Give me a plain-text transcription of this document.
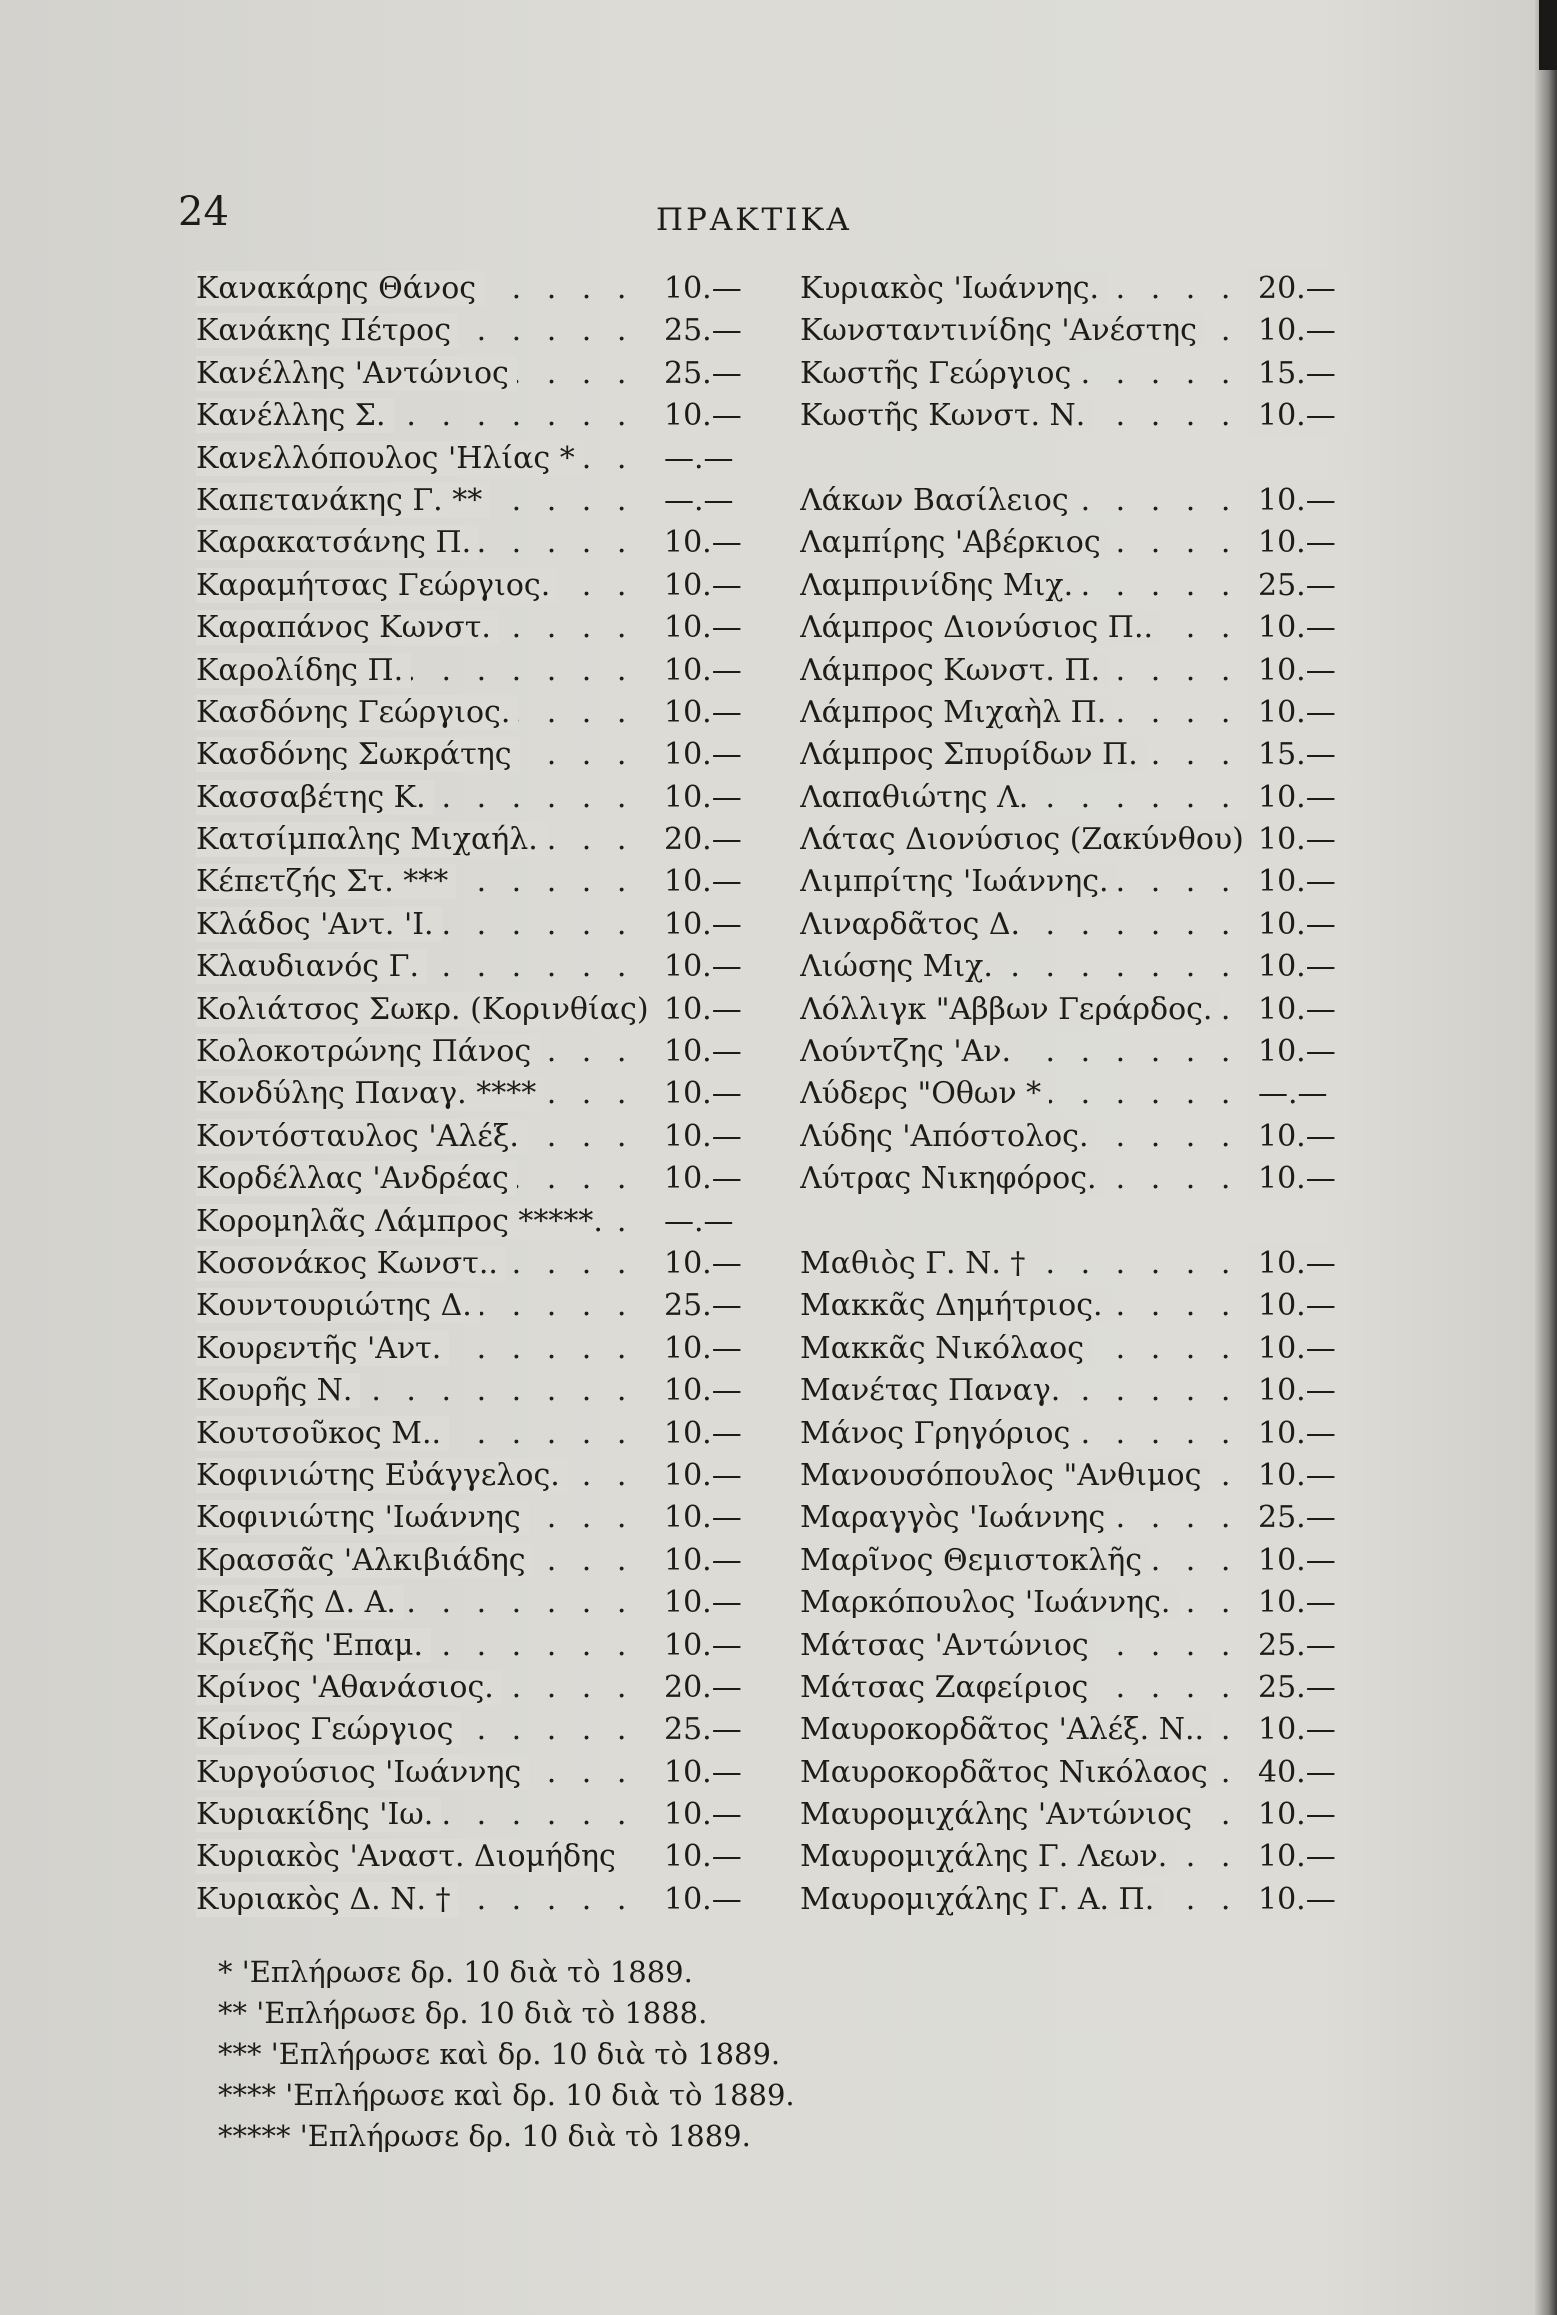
24	ΠΡΑΚΤΙΚΑ
Κανακάρης Θάνος . . .	10.—
Κανάκης Πέτρος . . .	25.—
Κανέλλης 'Αντώνιος . . .	25.—
Κανέλλης Σ. . . .	10.—
Κανελλόπουλος 'Ηλίας * . . .	—.—
Καπετανάκης Γ. ** . . .	—.—
Καρακατσάνης Π. . . .	10.—
Καραμήτσας Γεώργιος. . . .	10.—
Καραπάνος Κωνστ. . . .	10.—
Καρολίδης Π. . . .	10.—
Κασδόνης Γεώργιος. . . .	10.—
Κασδόνης Σωκράτης . . .	10.—
Κασσαβέτης Κ. . . .	10.—
Κατσίμπαλης Μιχαήλ. . . .	20.—
Κέπετζής Στ. *** . . .	10.—
Κλάδος 'Αντ. 'Ι. . . .	10.—
Κλαυδιανός Γ. . . .	10.—
Κολιάτσος Σωκρ. (Κορινθίας) . . . 10.—
Κολοκοτρώνης Πάνος . . .	10.—
Κονδύλης Παναγ. **** . . .	10.—
Κοντόσταυλος 'Αλέξ. . . .	10.—
Κορδέλλας 'Ανδρέας . . .	10.—
Κορομηλᾶς Λάμπρος *****. . . .	—.—
Κοσονάκος Κωνστ.. . . .	10.—
Κουντουριώτης Δ. . . .	25.—
Κουρεντῆς 'Αντ. . . .	10.—
Κουρῆς Ν. . . .	10.—
Κουτσοῦκος Μ.. . . .	10.—
Κοφινιώτης Εὐάγγελος. . . .	10.—
Κοφινιώτης 'Ιωάννης . . .	10.—
Κρασσᾶς 'Αλκιβιάδης . . .	10.—
Κριεζῆς Δ. Α. . . .	10.—
Κριεζῆς 'Επαμ. . . .	10.—
Κρίνος 'Αθανάσιος. . . .	20.—
Κρίνος Γεώργιος . . .	25.—
Κυργούσιος 'Ιωάννης . . .	10.—
Κυριακίδης 'Ιω. . . .	10.—
Κυριακὸς 'Αναστ. Διομήδης . . .	10.—
Κυριακὸς Δ. Ν. † . . .	10.—
Κυριακὸς 'Ιωάννης. . . .	20.—
Κωνσταντινίδης 'Ανέστης . . .	10.—
Κωστῆς Γεώργιος . . .	15.—
Κωστῆς Κωνστ. Ν. . . .	10.—
Λάκων Βασίλειος . . .	10.—
Λαμπίρης 'Αβέρκιος . . .	10.—
Λαμπρινίδης Μιχ. . . .	25.—
Λάμπρος Διονύσιος Π.. . . .	10.—
Λάμπρος Κωνστ. Π. . . .	10.—
Λάμπρος Μιχαὴλ Π. . . .	10.—
Λάμπρος Σπυρίδων Π. . . .	15.—
Λαπαθιώτης Λ. . . .	10.—
Λάτας Διονύσιος (Ζακύνθου) . . . 10.—
Λιμπρίτης 'Ιωάννης. . . .	10.—
Λιναρδᾶτος Δ. . . .	10.—
Λιώσης Μιχ. . . .	10.—
Λόλλιγκ "Αββων Γεράρδος. . . .	10.—
Λούντζης 'Αν. . . .	10.—
Λύδερς "Οθων * . . .	—.—
Λύδης 'Απόστολος. . . .	10.—
Λύτρας Νικηφόρος. . . .	10.—
Μαθιὸς Γ. Ν. † . . .	10.—
Μακκᾶς Δημήτριος. . . .	10.—
Μακκᾶς Νικόλαος . . .	10.—
Μανέτας Παναγ. . . .	10.—
Μάνος Γρηγόριος . . .	10.—
Μανουσόπουλος "Ανθιμος . . .	10.—
Μαραγγὸς 'Ιωάννης . . .	25.—
Μαρῖνος Θεμιστοκλῆς . . .	10.—
Μαρκόπουλος 'Ιωάννης. . . .	10.—
Μάτσας 'Αντώνιος . . .	25.—
Μάτσας Ζαφείριος . . .	25.—
Μαυροκορδᾶτος 'Αλέξ. Ν.. . . .	10.—
Μαυροκορδᾶτος Νικόλαος . . .	40.—
Μαυρομιχάλης 'Αντώνιος . . .	10.—
Μαυρομιχάλης Γ. Λεων. . . .	10.—
Μαυρομιχάλης Γ. Α. Π. . . .	10.—
* 'Επλήρωσε δρ. 10 διὰ τὸ 1889.
** 'Επλήρωσε δρ. 10 διὰ τὸ 1888.
*** 'Επλήρωσε καὶ δρ. 10 διὰ τὸ 1889.
**** 'Επλήρωσε καὶ δρ. 10 διὰ τὸ 1889.
***** 'Επλήρωσε δρ. 10 διὰ τὸ 1889.
